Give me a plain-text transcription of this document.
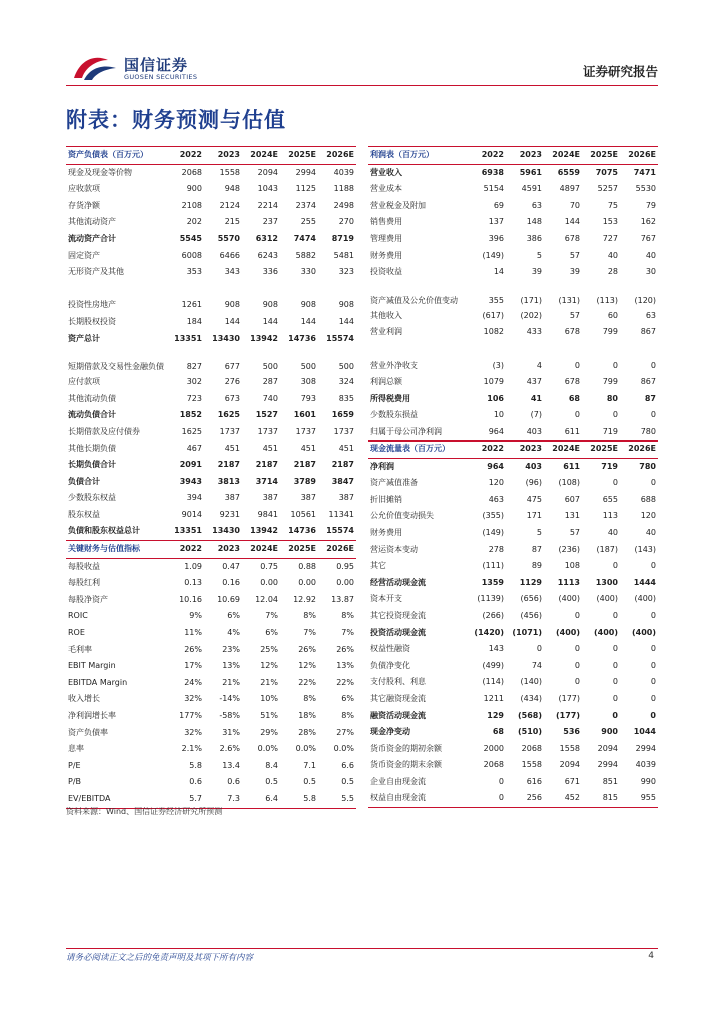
国信证券
GUOSEN SECURITIES	证券研究报告
附表：财务预测与估值
资产负债表（百万元）	2022	2023	2024E	2025E	2026E
现金及现金等价物	2068	1558	2094	2994	4039
应收款项	900	948	1043	1125	1188
存货净额	2108	2124	2214	2374	2498
其他流动资产	202	215	237	255	270
流动资产合计	5545	5570	6312	7474	8719
固定资产	6008	6466	6243	5882	5481
无形资产及其他	353	343	336	330	323

投资性房地产	1261	908	908	908	908
长期股权投资	184	144	144	144	144
资产总计	13351	13430	13942	14736	15574
短期借款及交易性金融负债	827	677	500	500	500
应付款项	302	276	287	308	324
其他流动负债	723	673	740	793	835
流动负债合计	1852	1625	1527	1601	1659
长期借款及应付债券	1625	1737	1737	1737	1737
其他长期负债	467	451	451	451	451
长期负债合计	2091	2187	2187	2187	2187
负债合计	3943	3813	3714	3789	3847
少数股东权益	394	387	387	387	387
股东权益	9014	9231	9841	10561	11341
负债和股东权益总计	13351	13430	13942	14736	15574
关键财务与估值指标	2022	2023	2024E	2025E	2026E
每股收益	1.09	0.47	0.75	0.88	0.95
每股红利	0.13	0.16	0.00	0.00	0.00
每股净资产	10.16	10.69	12.04	12.92	13.87
ROIC	9%	6%	7%	8%	8%
ROE	11%	4%	6%	7%	7%
毛利率	26%	23%	25%	26%	26%
EBIT Margin	17%	13%	12%	12%	13%
EBITDA Margin	24%	21%	21%	22%	22%
收入增长	32%	-14%	10%	8%	6%
净利润增长率	177%	-58%	51%	18%	8%
资产负债率	32%	31%	29%	28%	27%
息率	2.1%	2.6%	0.0%	0.0%	0.0%
P/E	5.8	13.4	8.4	7.1	6.6
P/B	0.6	0.6	0.5	0.5	0.5
EV/EBITDA	5.7	7.3	6.4	5.8	5.5
利润表（百万元）	2022	2023	2024E	2025E	2026E
营业收入	6938	5961	6559	7075	7471
营业成本	5154	4591	4897	5257	5530
营业税金及附加	69	63	70	75	79
销售费用	137	148	144	153	162
管理费用	396	386	678	727	767
财务费用	(149)	5	57	40	40
投资收益	14	39	39	28	30
资产减值及公允价值变动	355	(171)	(131)	(113)	(120)
其他收入	(617)	(202)	57	60	63
营业利润	1082	433	678	799	867

营业外净收支	(3)	4	0	0	0
利润总额	1079	437	678	799	867
所得税费用	106	41	68	80	87
少数股东损益	10	(7)	0	0	0
归属于母公司净利润	964	403	611	719	780
现金流量表（百万元）	2022	2023	2024E	2025E	2026E
净利润	964	403	611	719	780
资产减值准备	120	(96)	(108)	0	0
折旧摊销	463	475	607	655	688
公允价值变动损失	(355)	171	131	113	120
财务费用	(149)	5	57	40	40
营运资本变动	278	87	(236)	(187)	(143)
其它	(111)	89	108	0	0
经营活动现金流	1359	1129	1113	1300	1444
资本开支	(1139)	(656)	(400)	(400)	(400)
其它投资现金流	(266)	(456)	0	0	0
投资活动现金流	(1420)	(1071)	(400)	(400)	(400)
权益性融资	143	0	0	0	0
负债净变化	(499)	74	0	0	0
支付股利、利息	(114)	(140)	0	0	0
其它融资现金流	1211	(434)	(177)	0	0
融资活动现金流	129	(568)	(177)	0	0
现金净变动	68	(510)	536	900	1044
货币资金的期初余额	2000	2068	1558	2094	2994
货币资金的期末余额	2068	1558	2094	2994	4039
企业自由现金流	0	616	671	851	990
权益自由现金流	0	256	452	815	955
资料来源：Wind、国信证券经济研究所预测
请务必阅读正文之后的免责声明及其项下所有内容	4
